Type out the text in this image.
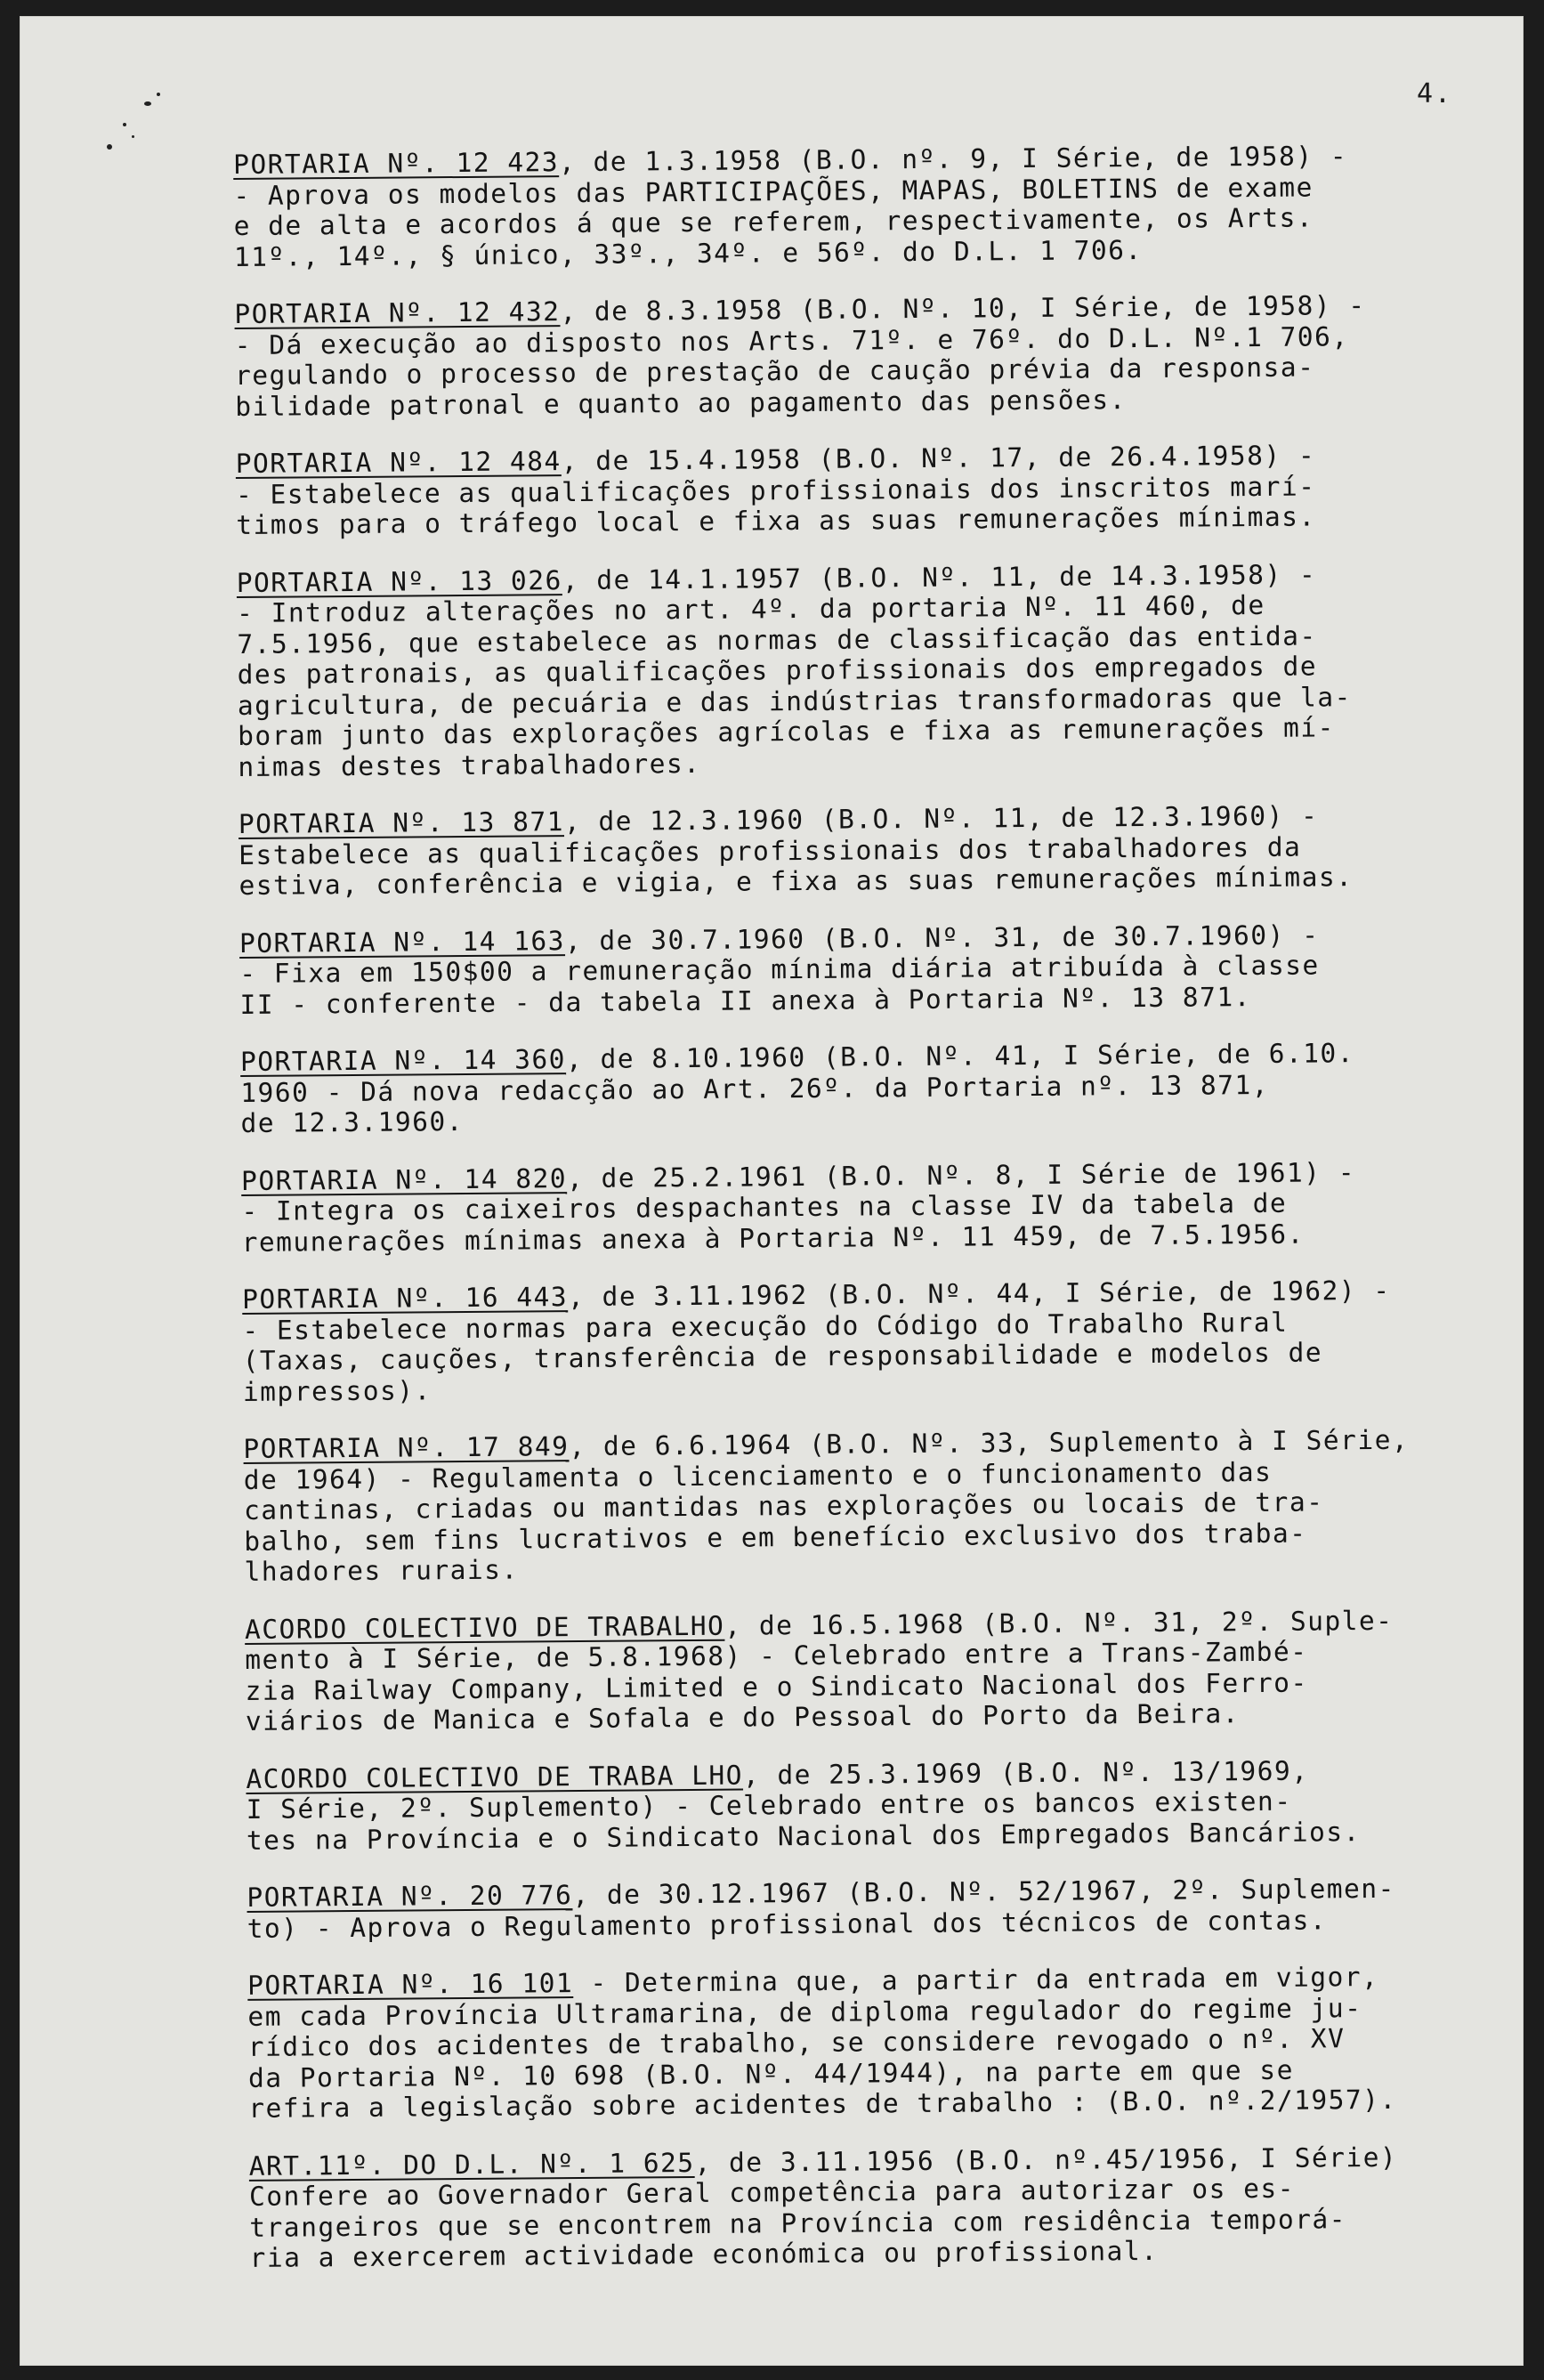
4.
PORTARIA Nº. 12 423, de 1.3.1958 (B.O. nº. 9, I Série, de 1958) -
- Aprova os modelos das PARTICIPAÇÕES, MAPAS, BOLETINS de exame
e de alta e acordos á que se referem, respectivamente, os Arts.
11º., 14º., § único, 33º., 34º. e 56º. do D.L. 1 706.
PORTARIA Nº. 12 432, de 8.3.1958 (B.O. Nº. 10, I Série, de 1958) -
- Dá execução ao disposto nos Arts. 71º. e 76º. do D.L. Nº.1 706,
regulando o processo de prestação de caução prévia da responsa-
bilidade patronal e quanto ao pagamento das pensões.
PORTARIA Nº. 12 484, de 15.4.1958 (B.O. Nº. 17, de 26.4.1958) -
- Estabelece as qualificações profissionais dos inscritos marí-
timos para o tráfego local e fixa as suas remunerações mínimas.
PORTARIA Nº. 13 026, de 14.1.1957 (B.O. Nº. 11, de 14.3.1958) -
- Introduz alterações no art. 4º. da portaria Nº. 11 460, de
7.5.1956, que estabelece as normas de classificação das entida-
des patronais, as qualificações profissionais dos empregados de
agricultura, de pecuária e das indústrias transformadoras que la-
boram junto das explorações agrícolas e fixa as remunerações mí-
nimas destes trabalhadores.
PORTARIA Nº. 13 871, de 12.3.1960 (B.O. Nº. 11, de 12.3.1960) -
Estabelece as qualificações profissionais dos trabalhadores da
estiva, conferência e vigia, e fixa as suas remunerações mínimas.
PORTARIA Nº. 14 163, de 30.7.1960 (B.O. Nº. 31, de 30.7.1960) -
- Fixa em 150$00 a remuneração mínima diária atribuída à classe
II - conferente - da tabela II anexa à Portaria Nº. 13 871.
PORTARIA Nº. 14 360, de 8.10.1960 (B.O. Nº. 41, I Série, de 6.10.
1960 - Dá nova redacção ao Art. 26º. da Portaria nº. 13 871,
de 12.3.1960.
PORTARIA Nº. 14 820, de 25.2.1961 (B.O. Nº. 8, I Série de 1961) -
- Integra os caixeiros despachantes na classe IV da tabela de
remunerações mínimas anexa à Portaria Nº. 11 459, de 7.5.1956.
PORTARIA Nº. 16 443, de 3.11.1962 (B.O. Nº. 44, I Série, de 1962) -
- Estabelece normas para execução do Código do Trabalho Rural
(Taxas, cauções, transferência de responsabilidade e modelos de
impressos).
PORTARIA Nº. 17 849, de 6.6.1964 (B.O. Nº. 33, Suplemento à I Série,
de 1964) - Regulamenta o licenciamento e o funcionamento das
cantinas, criadas ou mantidas nas explorações ou locais de tra-
balho, sem fins lucrativos e em benefício exclusivo dos traba-
lhadores rurais.
ACORDO COLECTIVO DE TRABALHO, de 16.5.1968 (B.O. Nº. 31, 2º. Suple-
mento à I Série, de 5.8.1968) - Celebrado entre a Trans-Zambé-
zia Railway Company, Limited e o Sindicato Nacional dos Ferro-
viários de Manica e Sofala e do Pessoal do Porto da Beira.
ACORDO COLECTIVO DE TRABA LHO, de 25.3.1969 (B.O. Nº. 13/1969,
I Série, 2º. Suplemento) - Celebrado entre os bancos existen-
tes na Província e o Sindicato Nacional dos Empregados Bancários.
PORTARIA Nº. 20 776, de 30.12.1967 (B.O. Nº. 52/1967, 2º. Suplemen-
to) - Aprova o Regulamento profissional dos técnicos de contas.
PORTARIA Nº. 16 101 - Determina que, a partir da entrada em vigor,
em cada Província Ultramarina, de diploma regulador do regime ju-
rídico dos acidentes de trabalho, se considere revogado o nº. XV
da Portaria Nº. 10 698 (B.O. Nº. 44/1944), na parte em que se
refira a legislação sobre acidentes de trabalho : (B.O. nº.2/1957).
ART.11º. DO D.L. Nº. 1 625, de 3.11.1956 (B.O. nº.45/1956, I Série)
Confere ao Governador Geral competência para autorizar os es-
trangeiros que se encontrem na Província com residência temporá-
ria a exercerem actividade económica ou profissional.
